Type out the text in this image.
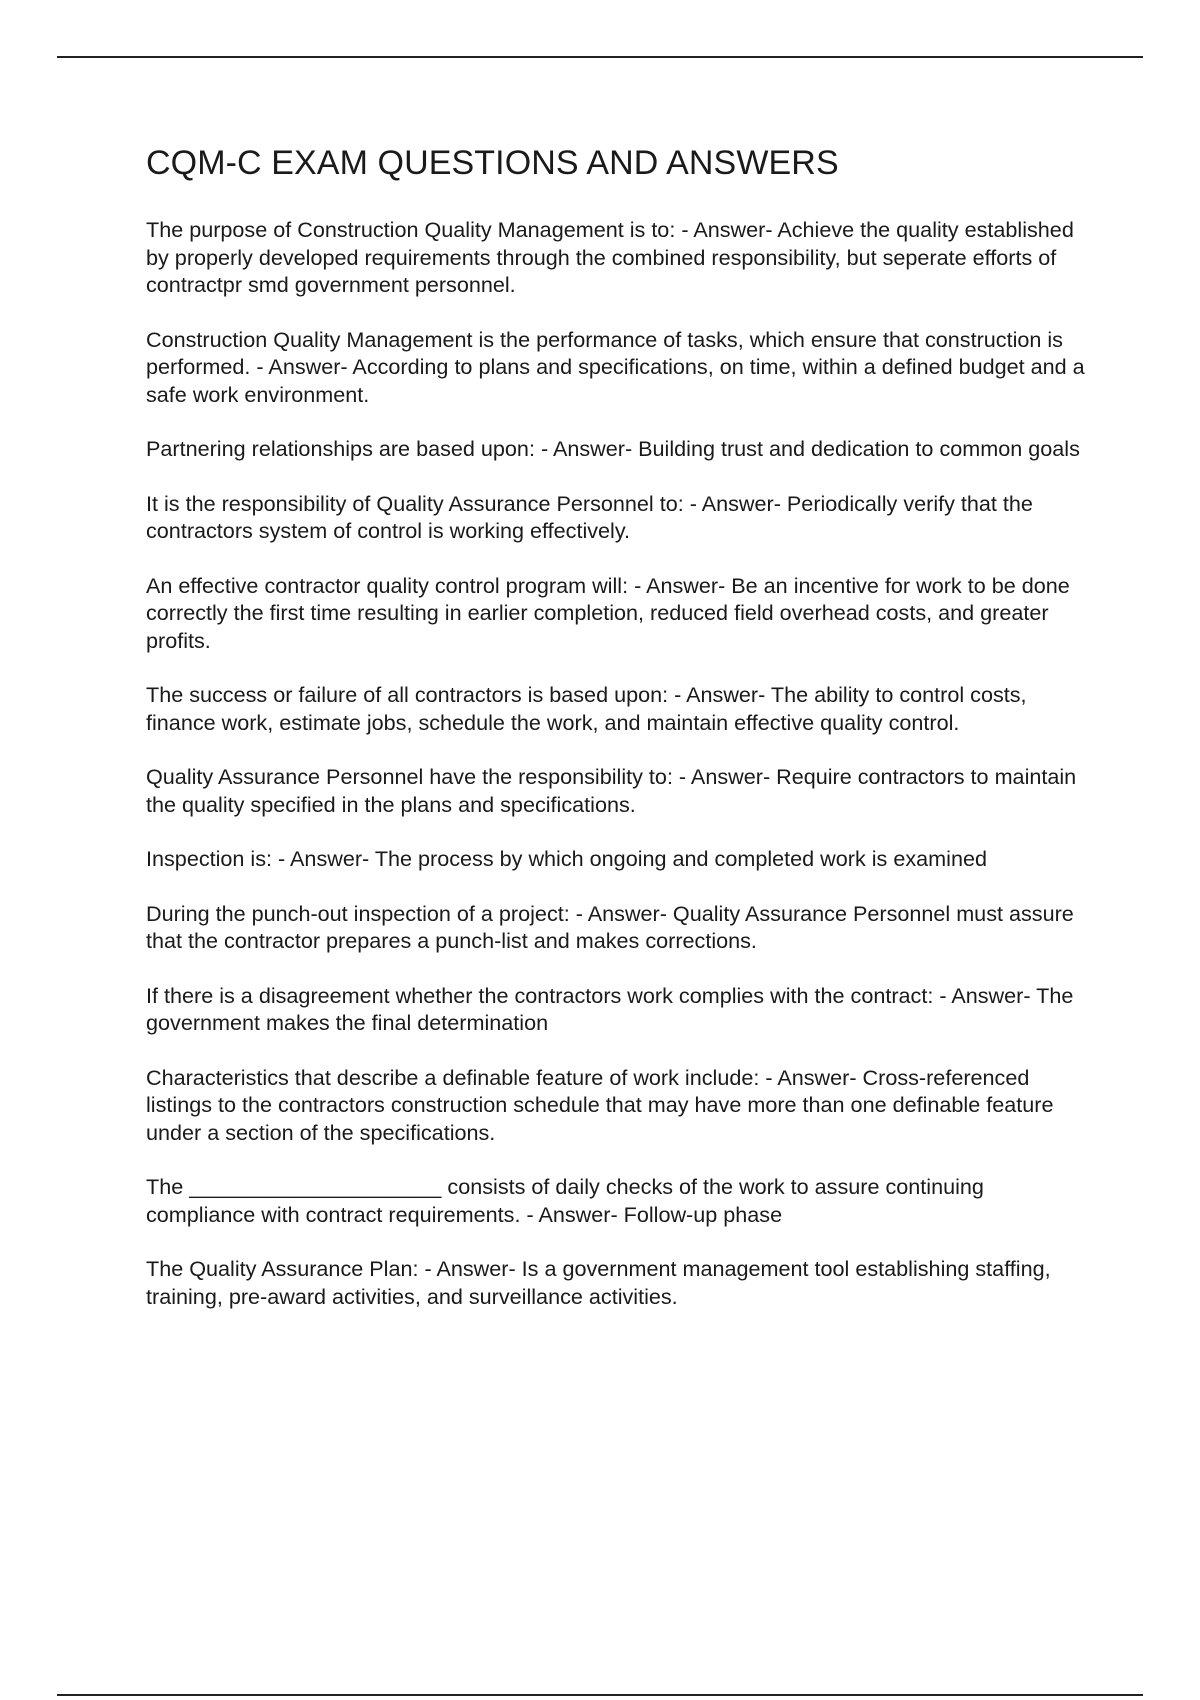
CQM-C EXAM QUESTIONS AND ANSWERS

The purpose of Construction Quality Management is to: - Answer- Achieve the quality established by properly developed requirements through the combined responsibility, but seperate efforts of contractpr smd government personnel.

Construction Quality Management is the performance of tasks, which ensure that construction is performed. - Answer- According to plans and specifications, on time, within a defined budget and a safe work environment.

Partnering relationships are based upon: - Answer- Building trust and dedication to common goals

It is the responsibility of Quality Assurance Personnel to: - Answer- Periodically verify that the contractors system of control is working effectively.

An effective contractor quality control program will: - Answer- Be an incentive for work to be done correctly the first time resulting in earlier completion, reduced field overhead costs, and greater profits.

The success or failure of all contractors is based upon: - Answer- The ability to control costs, finance work, estimate jobs, schedule the work, and maintain effective quality control.

Quality Assurance Personnel have the responsibility to: - Answer- Require contractors to maintain the quality specified in the plans and specifications.

Inspection is: - Answer- The process by which ongoing and completed work is examined

During the punch-out inspection of a project: - Answer- Quality Assurance Personnel must assure that the contractor prepares a punch-list and makes corrections.

If there is a disagreement whether the contractors work complies with the contract: - Answer- The government makes the final determination

Characteristics that describe a definable feature of work include: - Answer- Cross-referenced listings to the contractors construction schedule that may have more than one definable feature under a section of the specifications.

The _____________________ consists of daily checks of the work to assure continuing compliance with contract requirements. - Answer- Follow-up phase

The Quality Assurance Plan: - Answer- Is a government management tool establishing staffing, training, pre-award activities, and surveillance activities.
